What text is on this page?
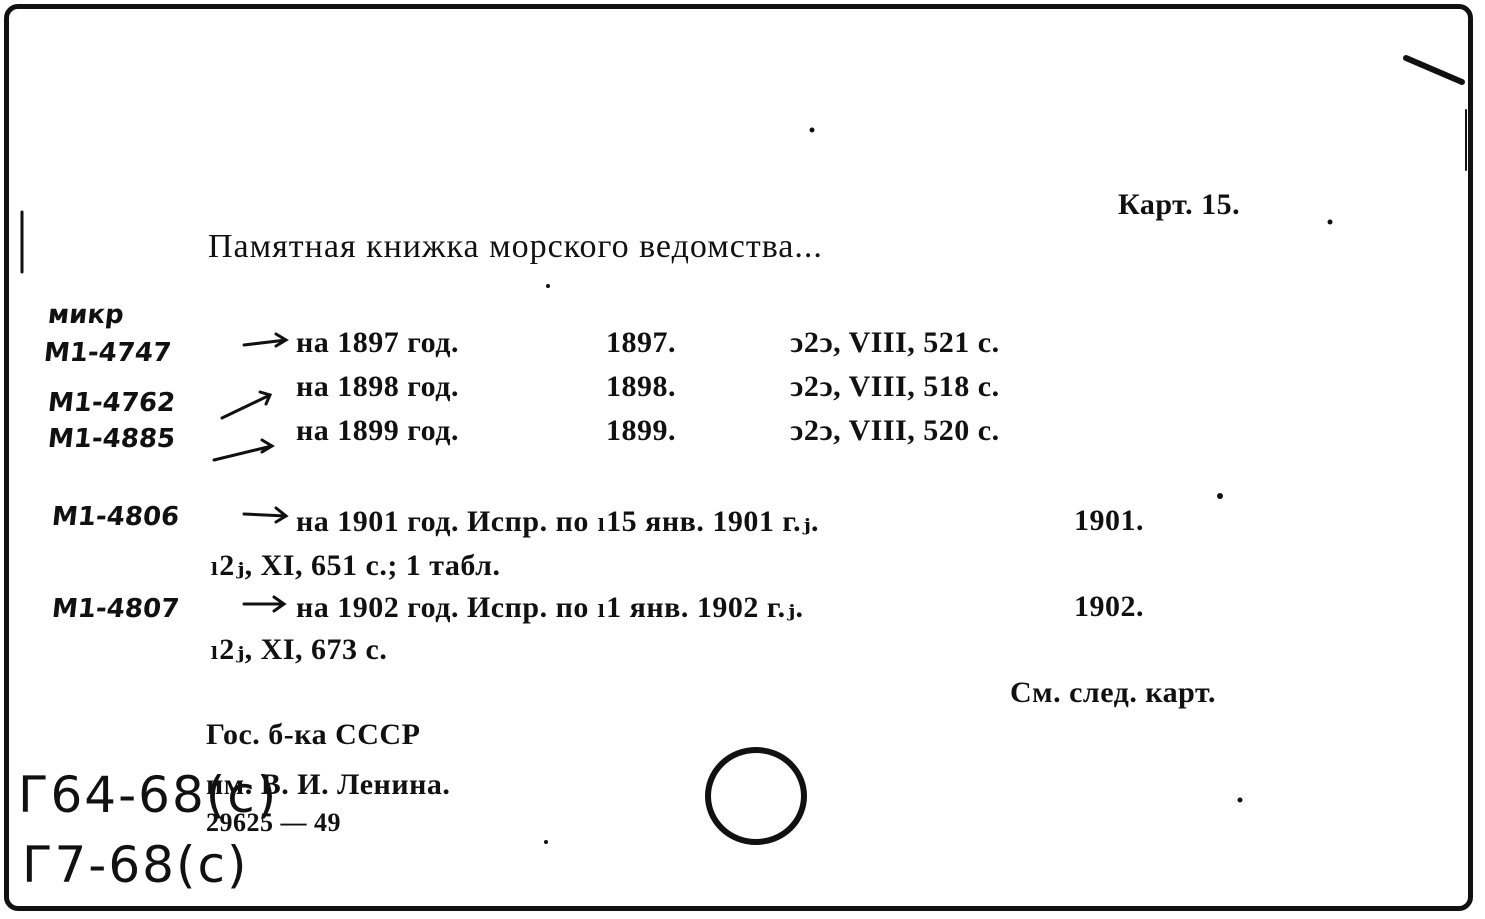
Карт. 15.
Памятная книжка морского ведомства...
микр
M1-4747	на 1897 год.	1897.	ↄ2ↄ, VIII, 521 с.
M1-4762	на 1898 год.	1898.	ↄ2ↄ, VIII, 518 с.
M1-4885	на 1899 год.	1899.	ↄ2ↄ, VIII, 520 с.
M1-4806	на 1901 год. Испр. по ₗ15 янв. 1901 г.ⱼ.	1901.
ₗ2ⱼ, XI, 651 с.; 1 табл.
M1-4807	на 1902 год. Испр. по ₗ1 янв. 1902 г.ⱼ.	1902.
ₗ2ⱼ, XI, 673 с.
См. след. карт.
Гос. б-ка СССР
им. В. И. Ленина.
29625 — 49
Г64-68(с)
Г7-68(с)
